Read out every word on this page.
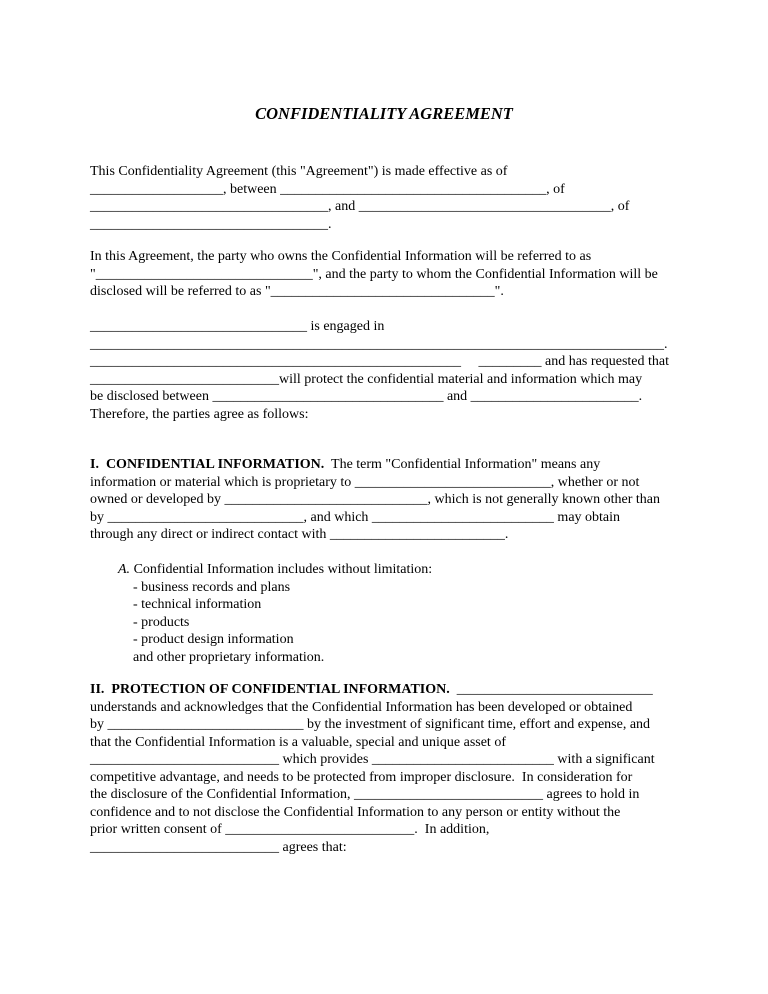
CONFIDENTIALITY AGREEMENT
This Confidentiality Agreement (this "Agreement") is made effective as of
___________________, between ______________________________________, of
__________________________________, and ____________________________________, of
__________________________________.
In this Agreement, the party who owns the Confidential Information will be referred to as
"_______________________________", and the party to whom the Confidential Information will be
disclosed will be referred to as "________________________________".
_______________________________ is engaged in
__________________________________________________________________________________.
_____________________________________________________     _________ and has requested that
___________________________will protect the confidential material and information which may
be disclosed between _________________________________ and ________________________.
Therefore, the parties agree as follows:
I.  CONFIDENTIAL INFORMATION.  The term "Confidential Information" means any
information or material which is proprietary to ____________________________, whether or not
owned or developed by _____________________________, which is not generally known other than
by ____________________________, and which __________________________ may obtain
through any direct or indirect contact with _________________________.
A. Confidential Information includes without limitation:
- business records and plans
- technical information
- products
- product design information
and other proprietary information.
II.  PROTECTION OF CONFIDENTIAL INFORMATION.  ____________________________
understands and acknowledges that the Confidential Information has been developed or obtained
by ____________________________ by the investment of significant time, effort and expense, and
that the Confidential Information is a valuable, special and unique asset of
___________________________ which provides __________________________ with a significant
competitive advantage, and needs to be protected from improper disclosure.  In consideration for
the disclosure of the Confidential Information, ___________________________ agrees to hold in
confidence and to not disclose the Confidential Information to any person or entity without the
prior written consent of ___________________________.  In addition,
___________________________ agrees that:
